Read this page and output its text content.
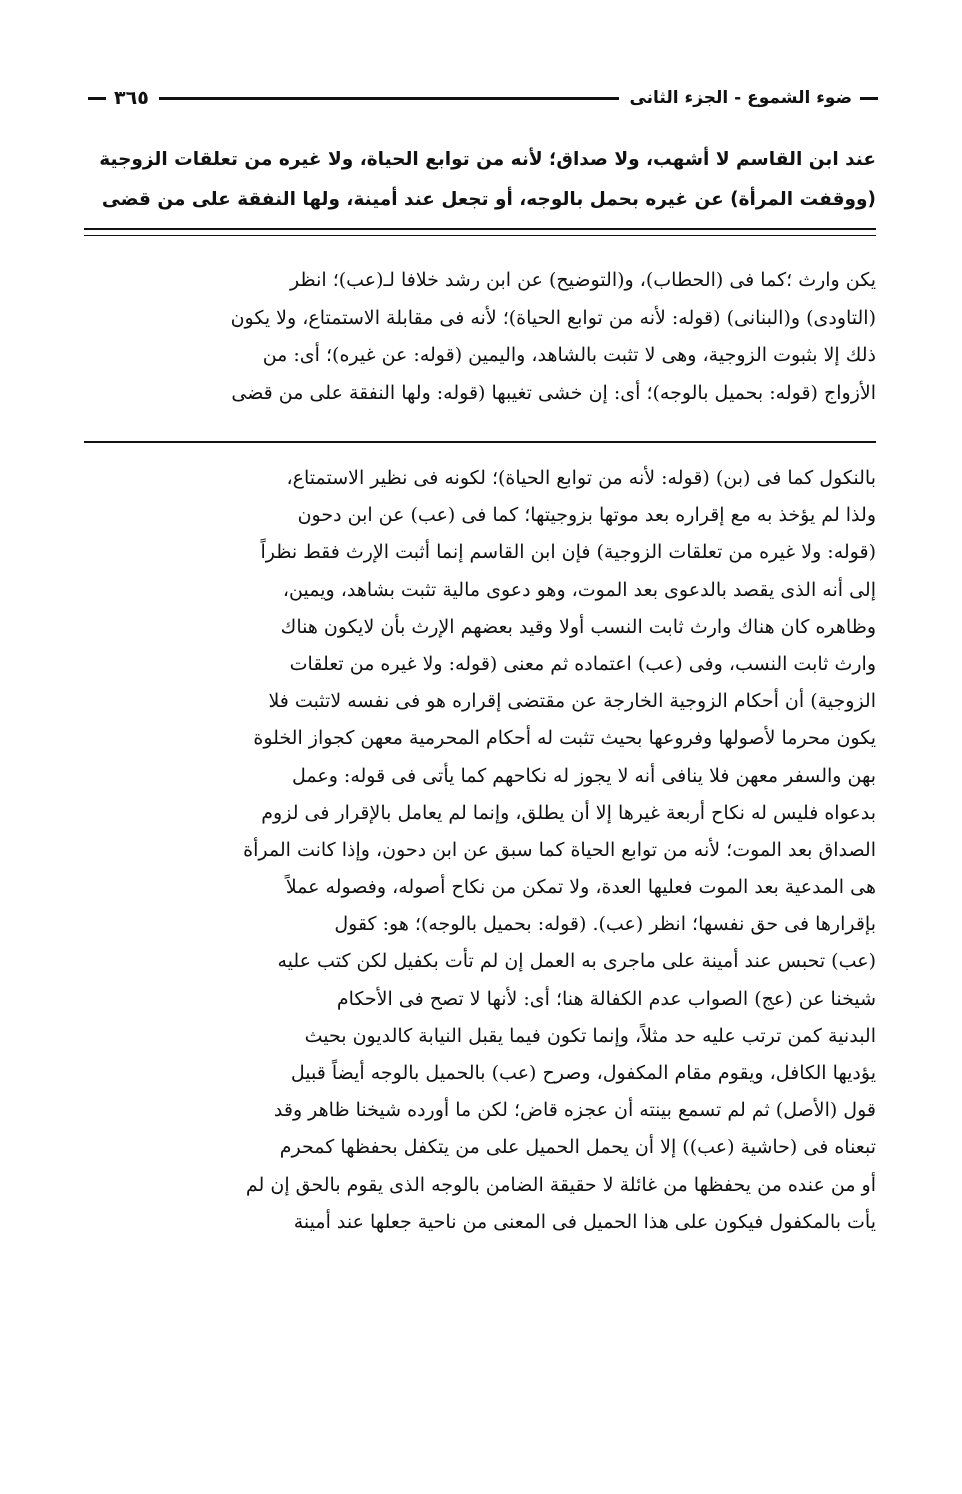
ضوء الشموع - الجزء الثانى
٣٦٥
عند ابن القاسم لا أشهب، ولا صداق؛ لأنه من توابع الحياة، ولا غيره من تعلقات الزوجية
(ووقفت المرأة) عن غيره بحمل بالوجه، أو تجعل عند أمينة، ولها النفقة على من قضى
يكن وارث ؛كما فى (الحطاب)، و(التوضيح) عن ابن رشد خلافا لـ(عب)؛ انظر
(التاودى) و(البنانى) (قوله: لأنه من توابع الحياة)؛ لأنه فى مقابلة الاستمتاع، ولا يكون
ذلك إلا بثبوت الزوجية، وهى لا تثبت بالشاهد، واليمين (قوله: عن غيره)؛ أى: من
الأزواج (قوله: بحميل بالوجه)؛ أى: إن خشى تغيبها (قوله: ولها النفقة على من قضى
بالنكول كما فى (بن) (قوله: لأنه من توابع الحياة)؛ لكونه فى نظير الاستمتاع،
ولذا لم يؤخذ به مع إقراره بعد موتها بزوجيتها؛ كما فى (عب) عن ابن دحون
(قوله: ولا غيره من تعلقات الزوجية) فإن ابن القاسم إنما أثبت الإرث فقط نظراً
إلى أنه الذى يقصد بالدعوى بعد الموت، وهو دعوى مالية تثبت بشاهد، ويمين،
وظاهره كان هناك وارث ثابت النسب أولا وقيد بعضهم الإرث بأن لايكون هناك
وارث ثابت النسب، وفى (عب) اعتماده ثم معنى (قوله: ولا غيره من تعلقات
الزوجية) أن أحكام الزوجية الخارجة عن مقتضى إقراره هو فى نفسه لاتثبت فلا
يكون محرما لأصولها وفروعها بحيث تثبت له أحكام المحرمية معهن كجواز الخلوة
بهن والسفر معهن فلا ينافى أنه لا يجوز له نكاحهم كما يأتى فى قوله: وعمل
بدعواه فليس له نكاح أربعة غيرها إلا أن يطلق، وإنما لم يعامل بالإقرار فى لزوم
الصداق بعد الموت؛ لأنه من توابع الحياة كما سبق عن ابن دحون، وإذا كانت المرأة
هى المدعية بعد الموت فعليها العدة، ولا تمكن من نكاح أصوله، وفصوله عملاً
بإقرارها فى حق نفسها؛ انظر (عب). (قوله: بحميل بالوجه)؛ هو: كقول
(عب) تحبس عند أمينة على ماجرى به العمل إن لم تأت بكفيل لكن كتب عليه
شيخنا عن (عج) الصواب عدم الكفالة هنا؛ أى: لأنها لا تصح فى الأحكام
البدنية كمن ترتب عليه حد مثلاً، وإنما تكون فيما يقبل النيابة كالديون بحيث
يؤديها الكافل، ويقوم مقام المكفول، وصرح (عب) بالحميل بالوجه أيضاً قبيل
قول (الأصل) ثم لم تسمع بينته أن عجزه قاض؛ لكن ما أورده شيخنا ظاهر وقد
تبعناه فى (حاشية (عب)) إلا أن يحمل الحميل على من يتكفل بحفظها كمحرم
أو من عنده من يحفظها من غائلة لا حقيقة الضامن بالوجه الذى يقوم بالحق إن لم
يأت بالمكفول فيكون على هذا الحميل فى المعنى من ناحية جعلها عند أمينة
